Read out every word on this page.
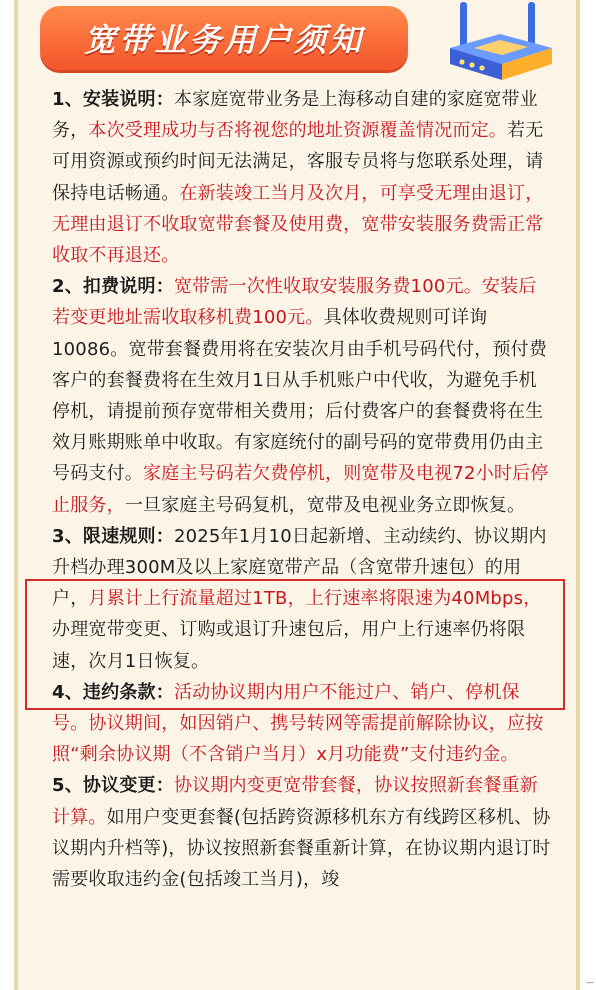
宽带业务用户须知

1、安装说明：本家庭宽带业务是上海移动自建的家庭宽带业务，本次受理成功与否将视您的地址资源覆盖情况而定。若无可用资源或预约时间无法满足，客服专员将与您联系处理，请保持电话畅通。在新装竣工当月及次月，可享受无理由退订，无理由退订不收取宽带套餐及使用费，宽带安装服务费需正常收取不再退还。

2、扣费说明：宽带需一次性收取安装服务费100元。安装后若变更地址需收取移机费100元。具体收费规则可详询10086。宽带套餐费用将在安装次月由手机号码代付，预付费客户的套餐费将在生效月1日从手机账户中代收，为避免手机停机，请提前预存宽带相关费用；后付费客户的套餐费将在生效月账期账单中收取。有家庭统付的副号码的宽带费用仍由主号码支付。家庭主号码若欠费停机，则宽带及电视72小时后停止服务，一旦家庭主号码复机，宽带及电视业务立即恢复。

3、限速规则：2025年1月10日起新增、主动续约、协议期内升档办理300M及以上家庭宽带产品（含宽带升速包）的用户，月累计上行流量超过1TB，上行速率将限速为40Mbps，办理宽带变更、订购或退订升速包后，用户上行速率仍将限速，次月1日恢复。

4、违约条款：活动协议期内用户不能过户、销户、停机保号。协议期间，如因销户、携号转网等需提前解除协议，应按照“剩余协议期（不含销户当月）x月功能费”支付违约金。

5、协议变更：协议期内变更宽带套餐，协议按照新套餐重新计算。如用户变更套餐(包括跨资源移机东方有线跨区移机、协议期内升档等)，协议按照新套餐重新计算，在协议期内退订时需要收取违约金(包括竣工当月)，竣

—
